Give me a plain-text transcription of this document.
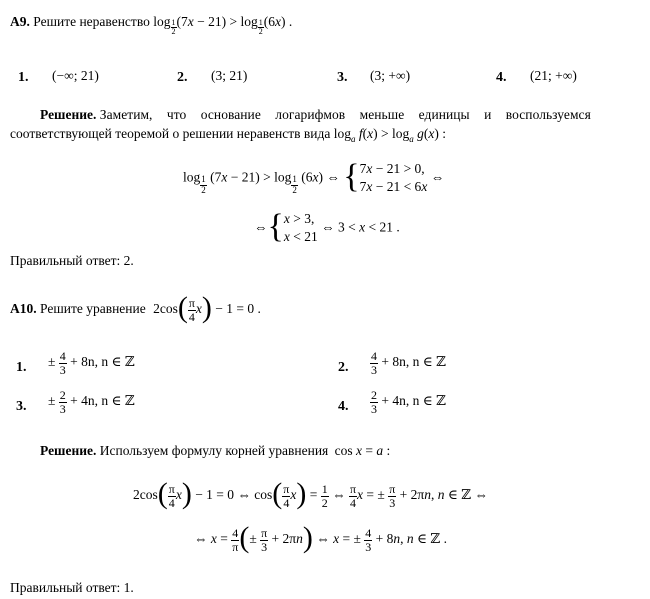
A9. Решите неравенство log $_{\frac{1}{2}}$ (7x − 21) > log $_{\frac{1}{2}}$ (6x) .
1. (−∞; 21)	2. (3; 21)	3. (3; +∞)	4. (21; +∞)
Решение. Заметим, что основание логарифмов меньше единицы и воспользуемся
соответствующей теоремой о решении неравенств вида $\log_a f(x) > \log_a g(x)$ :
log $_{\frac{1}{2}}$ (7x − 21) > log $_{\frac{1}{2}}$ (6x) ⇔ {7x − 21 > 0,
7x − 21 < 6x ⇔
⇔{x > 3,
x < 21 ⇔ 3 < x < 21 .
Правильный ответ: 2.
A10. Решите уравнение $2\cos( \frac{\pi}{4} x) - 1 = 0$ .
1. ± $\frac{4}{3} + 8n$, n ∈ ℤ	2. $\frac{4}{3} + 8n$, n ∈ ℤ
3. ± $\frac{2}{3} + 4n$, n ∈ ℤ	4. $\frac{2}{3} + 4n$, n ∈ ℤ
Решение. Используем формулу корней уравнения cos x = a :
$2\cos( \frac{\pi}{4} x) - 1 = 0$ ⇔ $\cos( \frac{\pi}{4} x) = \frac{1}{2}$ ⇔ $\frac{\pi}{4}$ x = ± $\frac{\pi}{3} + 2\pi n$, n ∈ ℤ ⇔
⇔ $x = \frac{4}{\pi}$ (± $\frac{\pi}{3} + 2\pi n$) ⇔ x = ± $\frac{4}{3} + 8n$, n ∈ ℤ .
Правильный ответ: 1.
